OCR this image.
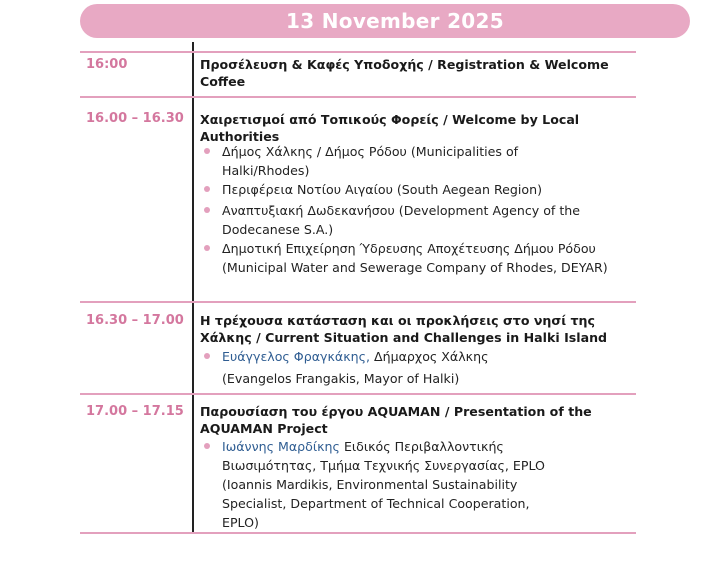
13 November 2025
16:00	Προσέλευση & Καφές Υποδοχής / Registration & Welcome Coffee
16.00 – 16.30 Χαιρετισμοί από Τοπικούς Φορείς / Welcome by Local Authorities
Δήμος Χάλκης / Δήμος Ρόδου (Municipalities of Halki/Rhodes)
Περιφέρεια Νοτίου Αιγαίου (South Aegean Region)
Αναπτυξιακή Δωδεκανήσου (Development Agency of the Dodecanese S.A.)
Δημοτική Επιχείρηση Ύδρευσης Αποχέτευσης Δήμου Ρόδου (Municipal Water and Sewerage Company of Rhodes, DEYAR)
16.30 – 17.00 Η τρέχουσα κατάσταση και οι προκλήσεις στο νησί της Χάλκης / Current Situation and Challenges in Halki Island
Ευάγγελος Φραγκάκης, Δήμαρχος Χάλκης
(Evangelos Frangakis, Mayor of Halki)
17.00 – 17.15 Παρουσίαση του έργου AQUAMAN / Presentation of the AQUAMAN Project
Ιωάννης Μαρδίκης Ειδικός Περιβαλλοντικής Βιωσιμότητας, Τμήμα Τεχνικής Συνεργασίας, EPLO (Ioannis Mardikis, Environmental Sustainability Specialist, Department of Technical Cooperation, EPLO)
